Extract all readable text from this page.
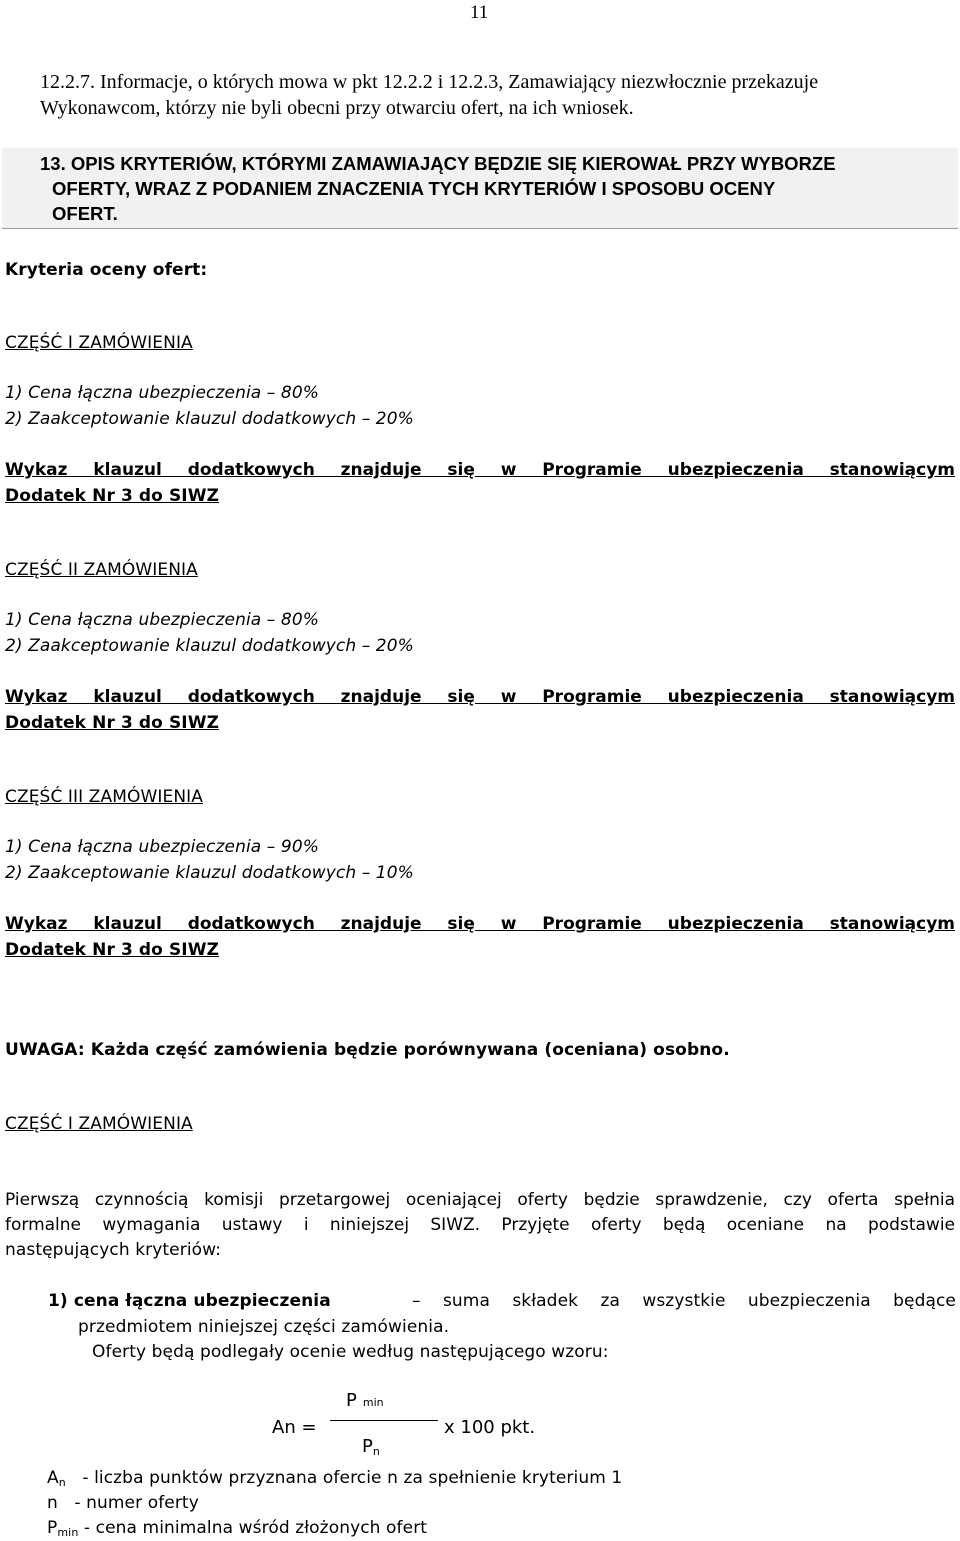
11
12.2.7. Informacje, o których mowa w pkt 12.2.2 i 12.2.3, Zamawiający niezwłocznie przekazuje
Wykonawcom, którzy nie byli obecni przy otwarciu ofert, na ich wniosek.
13. OPIS KRYTERIÓW, KTÓRYMI ZAMAWIAJĄCY BĘDZIE SIĘ KIEROWAŁ PRZY WYBORZE
OFERTY, WRAZ Z PODANIEM ZNACZENIA TYCH KRYTERIÓW I SPOSOBU OCENY
OFERT.
Kryteria oceny ofert:
CZĘŚĆ I ZAMÓWIENIA
1) Cena łączna ubezpieczenia – 80%
2) Zaakceptowanie klauzul dodatkowych – 20%
Wykaz klauzul dodatkowych znajduje się w Programie ubezpieczenia stanowiącym
Dodatek Nr 3 do SIWZ
CZĘŚĆ II ZAMÓWIENIA
1) Cena łączna ubezpieczenia – 80%
2) Zaakceptowanie klauzul dodatkowych – 20%
Wykaz klauzul dodatkowych znajduje się w Programie ubezpieczenia stanowiącym
Dodatek Nr 3 do SIWZ
CZĘŚĆ III ZAMÓWIENIA
1) Cena łączna ubezpieczenia – 90%
2) Zaakceptowanie klauzul dodatkowych – 10%
Wykaz klauzul dodatkowych znajduje się w Programie ubezpieczenia stanowiącym
Dodatek Nr 3 do SIWZ
UWAGA: Każda część zamówienia będzie porównywana (oceniana) osobno.
CZĘŚĆ I ZAMÓWIENIA
Pierwszą czynnością komisji przetargowej oceniającej oferty będzie sprawdzenie, czy oferta spełnia
formalne wymagania ustawy i niniejszej SIWZ. Przyjęte oferty będą oceniane na podstawie
następujących kryteriów:
1) cena łączna ubezpieczenia	– suma składek za wszystkie ubezpieczenia będące
przedmiotem niniejszej części zamówienia.
Oferty będą podlegały ocenie według następującego wzoru:
Pmin
An =	x 100 pkt.
$P_n$
$A_n$ - liczba punktów przyznana ofercie n za spełnienie kryterium 1
n - numer oferty
$P_{min}$ - cena minimalna wśród złożonych ofert
